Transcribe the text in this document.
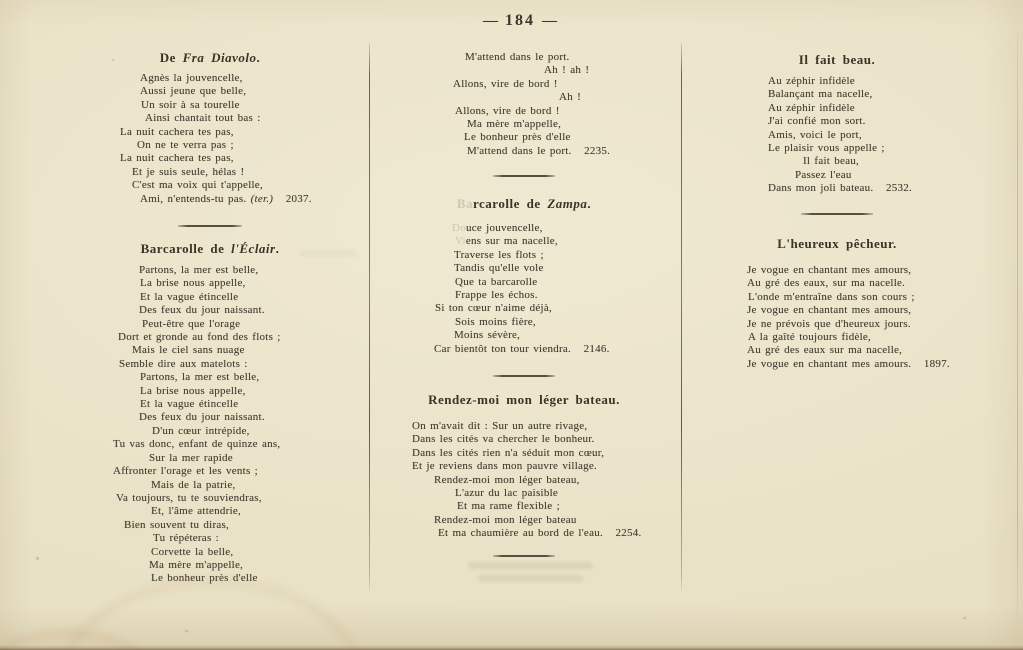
— 184 —
De Fra Diavolo.
Agnès la jouvencelle,
Aussi jeune que belle,
Un soir à sa tourelle
Ainsi chantait tout bas :
La nuit cachera tes pas,
On ne te verra pas ;
La nuit cachera tes pas,
Et je suis seule, hélas !
C'est ma voix qui t'appelle,
Ami, n'entends-tu pas. (ter.)   2037.
Barcarolle de l'Éclair.
Partons, la mer est belle,
La brise nous appelle,
Et la vague étincelle
Des feux du jour naissant.
Peut-être que l'orage
Dort et gronde au fond des flots ;
Mais le ciel sans nuage
Semble dire aux matelots :
Partons, la mer est belle,
La brise nous appelle,
Et la vague étincelle
Des feux du jour naissant.
D'un cœur intrépide,
Tu vas donc, enfant de quinze ans,
Sur la mer rapide
Affronter l'orage et les vents ;
Mais de la patrie,
Va toujours, tu te souviendras,
Et, l'âme attendrie,
Bien souvent tu diras,
Tu répéteras :
Corvette la belle,
Ma mère m'appelle,
Le bonheur près d'elle
M'attend dans le port.
Ah ! ah !
Allons, vire de bord !
Ah !
Allons, vire de bord !
Ma mère m'appelle,
Le bonheur près d'elle
M'attend dans le port.   2235.
Barcarolle de Zampa.
Douce jouvencelle,
Viens sur ma nacelle,
Traverse les flots ;
Tandis qu'elle vole
Que ta barcarolle
Frappe les échos.
Si ton cœur n'aime déjà,
Sois moins fière,
Moins sévère,
Car bientôt ton tour viendra.   2146.
Rendez-moi mon léger bateau.
On m'avait dit : Sur un autre rivage,
Dans les cités va chercher le bonheur.
Dans les cités rien n'a séduit mon cœur,
Et je reviens dans mon pauvre village.
Rendez-moi mon léger bateau,
L'azur du lac paisible
Et ma rame flexible ;
Rendez-moi mon léger bateau
Et ma chaumière au bord de l'eau.   2254.
Il fait beau.
Au zéphir infidèle
Balançant ma nacelle,
Au zéphir infidèle
J'ai confié mon sort.
Amis, voici le port,
Le plaisir vous appelle ;
Il fait beau,
Passez l'eau
Dans mon joli bateau.   2532.
L'heureux pêcheur.
Je vogue en chantant mes amours,
Au gré des eaux, sur ma nacelle.
L'onde m'entraîne dans son cours ;
Je vogue en chantant mes amours,
Je ne prévois que d'heureux jours.
A la gaîté toujours fidèle,
Au gré des eaux sur ma nacelle,
Je vogue en chantant mes amours.   1897.
